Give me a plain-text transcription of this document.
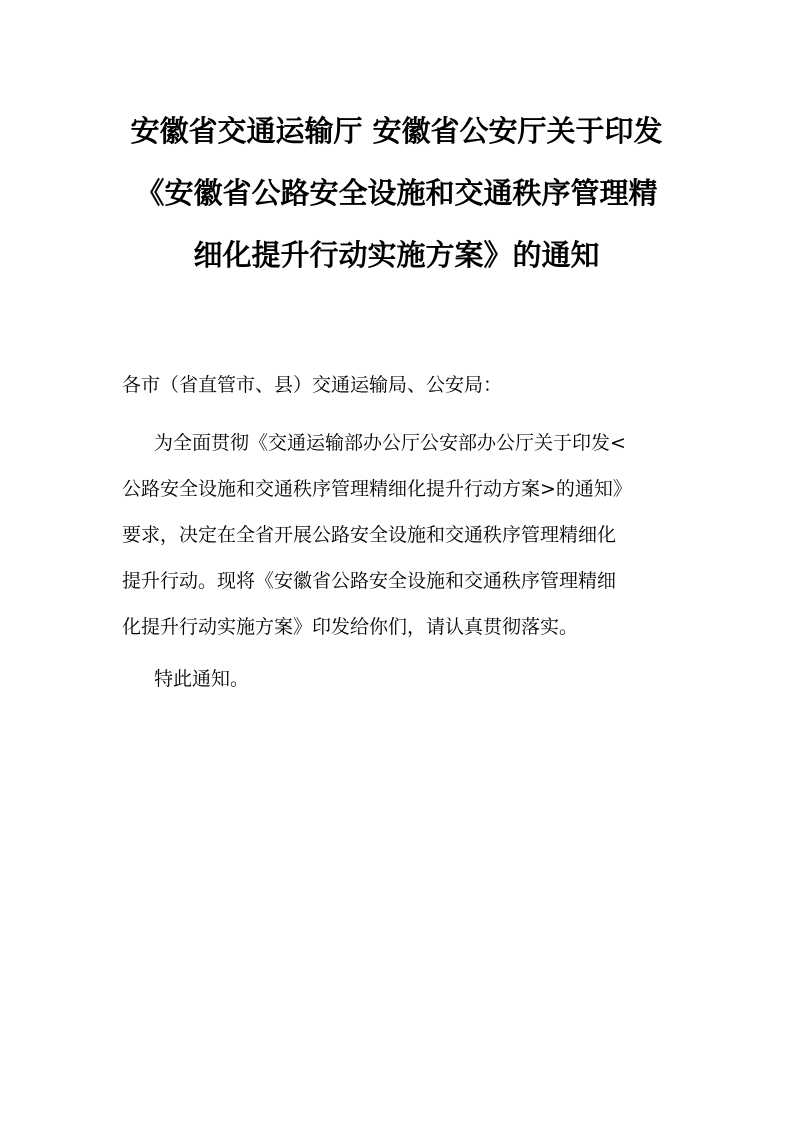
安徽省交通运输厅 安徽省公安厅关于印发
《安徽省公路安全设施和交通秩序管理精
细化提升行动实施方案》的通知

各市（省直管市、县）交通运输局、公安局：

为全面贯彻《交通运输部办公厅公安部办公厅关于印发<
公路安全设施和交通秩序管理精细化提升行动方案>的通知》
要求，决定在全省开展公路安全设施和交通秩序管理精细化
提升行动。现将《安徽省公路安全设施和交通秩序管理精细
化提升行动实施方案》印发给你们，请认真贯彻落实。

特此通知。
